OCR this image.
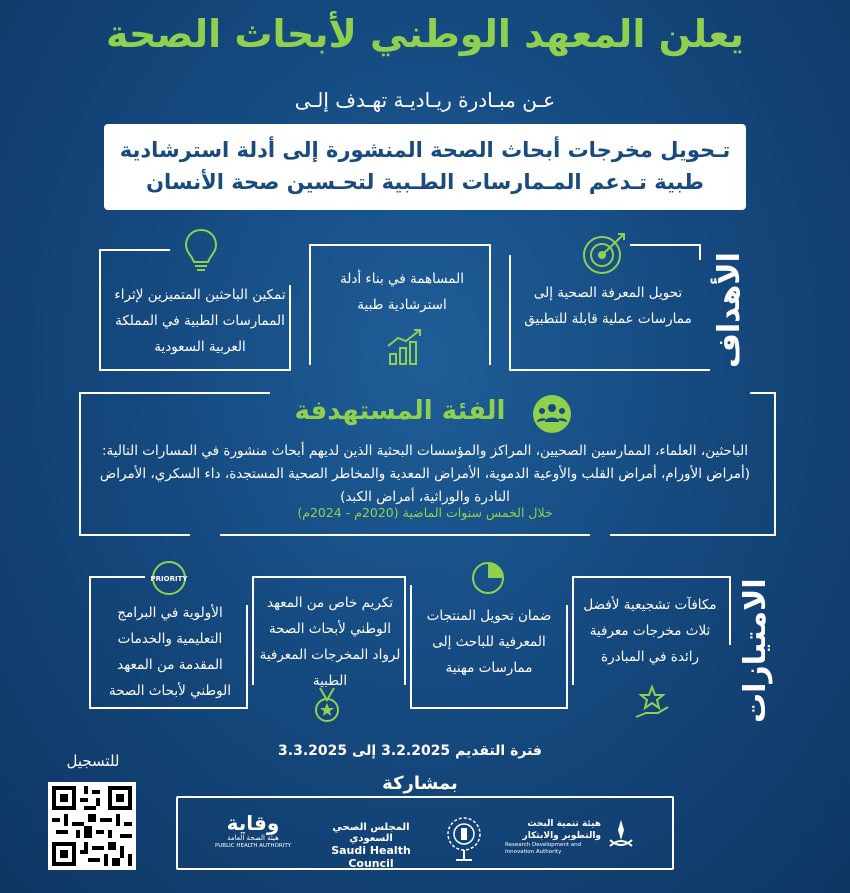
يعلن المعهد الوطني لأبحاث الصحة
عـن مبـادرة ريـاديـة تهـدف إلـى
تـحويل مخرجات أبحاث الصحة المنشورة إلى أدلة استرشادية
طبية تـدعم المـمارسات الطـبية لتحـسين صحة الأنسان
الأهداف
تحويل المعرفة الصحية إلى ممارسات عملية قابلة للتطبيق
المساهمة في بناء أدلة استرشادية طبية
تمكين الباحثين المتميزين لإثراء الممارسات الطبية في المملكة العربية السعودية
الفئة المستهدفة
الباحثين، العلماء، الممارسين الصحيين، المراكز والمؤسسات البحثية الذين لديهم أبحاث منشورة في المسارات التالية: (أمراض الأورام، أمراض القلب والأوعية الدموية، الأمراض المعدية والمخاطر الصحية المستجدة، داء السكري، الأمراض النادرة والوراثية، أمراض الكبد)
خلال الخمس سنوات الماضية (2020م - 2024م)
الامتيازات
مكافآت تشجيعية لأفضل ثلاث مخرجات معرفية رائدة في المبادرة
ضمان تحويل المنتجات المعرفية للباحث إلى ممارسات مهنية
تكريم خاص من المعهد الوطني لأبحاث الصحة لرواد المخرجات المعرفية الطبية
PRIORITY
الأولوية في البرامج التعليمية والخدمات المقدمة من المعهد الوطني لأبحاث الصحة
فترة التقديم 3.2.2025 إلى 3.3.2025
بمشاركة
هيئة تنمية البحث والتطوير والابتكار
Research Development and Innovation Authority
المجلس الصحي السعودي
Saudi Health Council
وقاية
هيئة الصحة العامة
PUBLIC HEALTH AUTHORITY
للتسجيل
